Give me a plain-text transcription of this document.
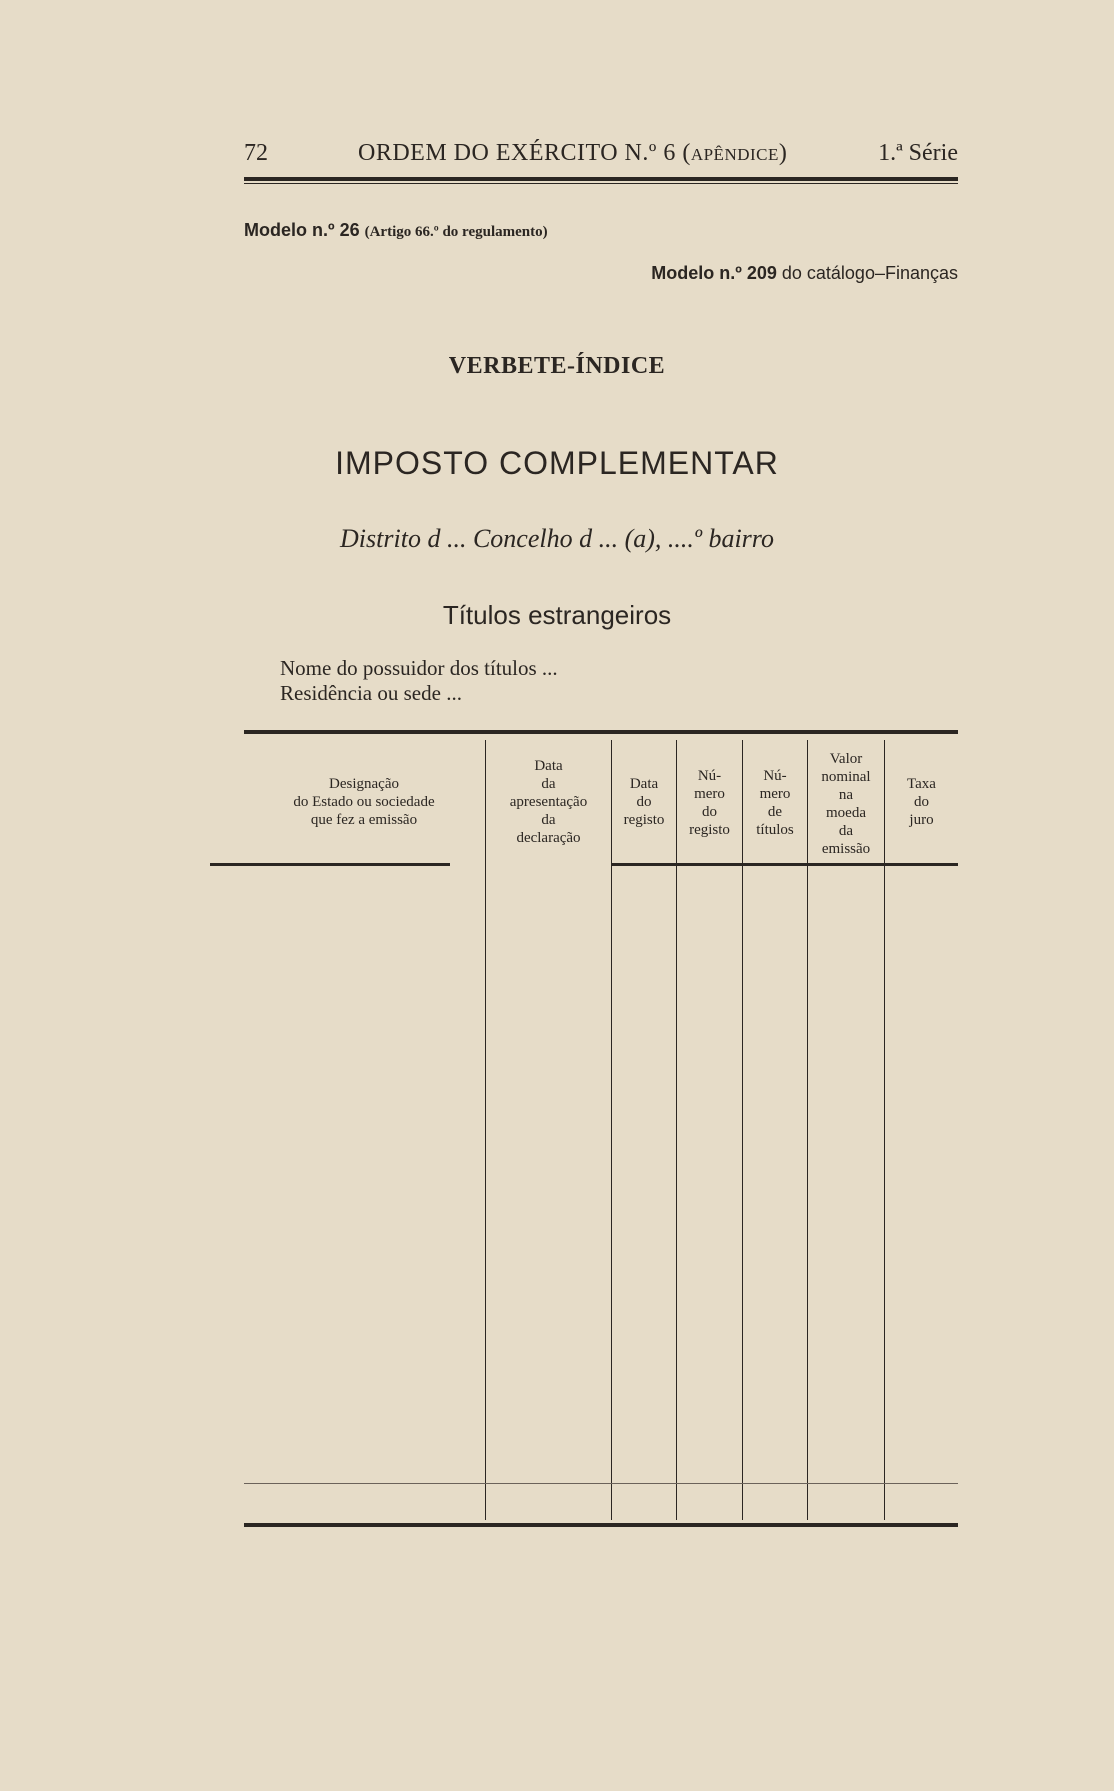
72	ORDEM DO EXÉRCITO N.º 6 (APÊNDICE)	1.ª Série
Modelo n.º 26 (Artigo 66.º do regulamento)
Modelo n.º 209 do catálogo–Finanças
VERBETE-ÍNDICE
IMPOSTO COMPLEMENTAR
Distrito d ... Concelho d ... (a), ....º bairro
Títulos estrangeiros
Nome do possuidor dos títulos ...
Residência ou sede ...
Designação
do Estado ou sociedade
que fez a emissão
Data
da
apresentação
da
declaração
Data
do
registo
Nú-
mero
do
registo
Nú-
mero
de
títulos
Valor
nominal
na
moeda
da
emissão
Taxa
do
juro
